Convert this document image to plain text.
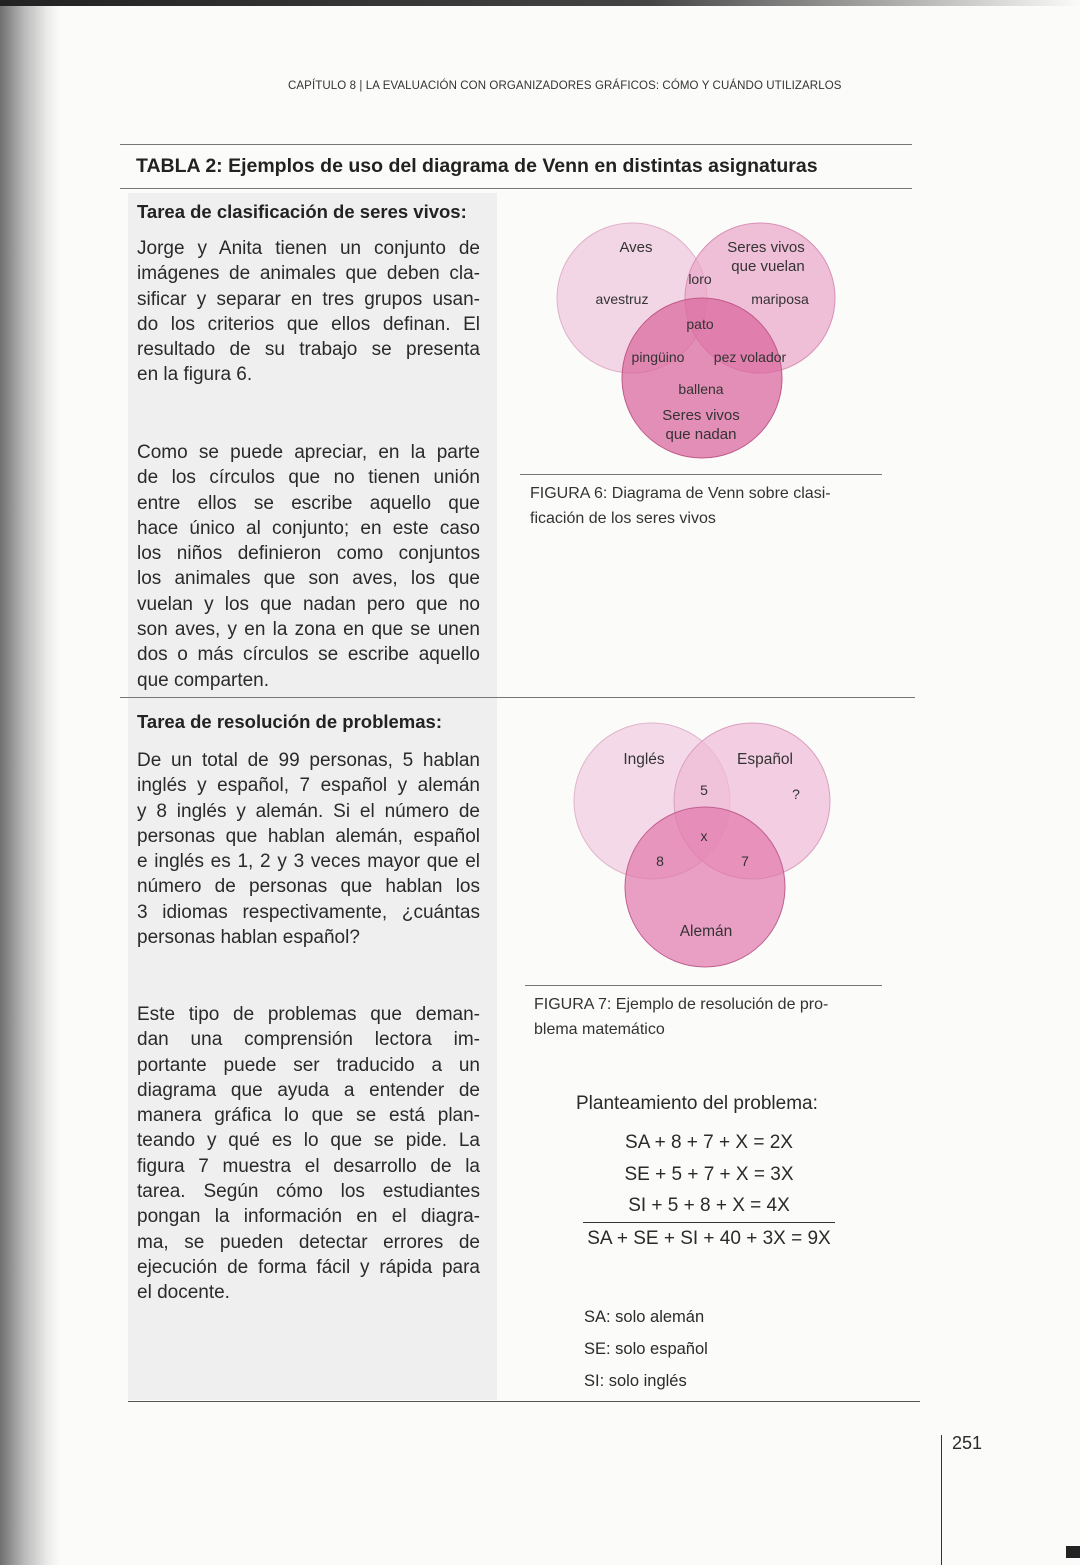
CAPÍTULO 8 | LA EVALUACIÓN CON ORGANIZADORES GRÁFICOS: CÓMO Y CUÁNDO UTILIZARLOS
TABLA 2: Ejemplos de uso del diagrama de Venn en distintas asignaturas
Tarea de clasificación de seres vivos:
Jorge y Anita tienen un conjunto de
imágenes de animales que deben cla-
sificar y separar en tres grupos usan-
do los criterios que ellos definan. El
resultado de su trabajo se presenta
en la figura 6.
Como se puede apreciar, en la parte
de los círculos que no tienen unión
entre ellos se escribe aquello que
hace único al conjunto; en este caso
los niños definieron como conjuntos
los animales que son aves, los que
vuelan y los que nadan pero que no
son aves, y en la zona en que se unen
dos o más círculos se escribe aquello
que comparten.
Aves	Seres vivos
que vuelan
loro
avestruz	mariposa
pato
pingüino pez volador
ballena
Seres vivos
que nadan
FIGURA 6: Diagrama de Venn sobre clasi-
ficación de los seres vivos
Tarea de resolución de problemas:
De un total de 99 personas, 5 hablan
inglés y español, 7 español y alemán
y 8 inglés y alemán. Si el número de
personas que hablan alemán, español
e inglés es 1, 2 y 3 veces mayor que el
número de personas que hablan los
3 idiomas respectivamente, ¿cuántas
personas hablan español?
Este tipo de problemas que deman-
dan una comprensión lectora im-
portante puede ser traducido a un
diagrama que ayuda a entender de
manera gráfica lo que se está plan-
teando y qué es lo que se pide. La
figura 7 muestra el desarrollo de la
tarea. Según cómo los estudiantes
pongan la información en el diagra-
ma, se pueden detectar errores de
ejecución de forma fácil y rápida para
el docente.
Inglés	Español
5	?
x
8	7
Alemán
FIGURA 7: Ejemplo de resolución de pro-
blema matemático
Planteamiento del problema:
SA + 8 + 7 + X = 2X
SE + 5 + 7 + X = 3X
SI + 5 + 8 + X = 4X
SA + SE + SI + 40 + 3X = 9X
SA: solo alemán
SE: solo español
SI: solo inglés
251
